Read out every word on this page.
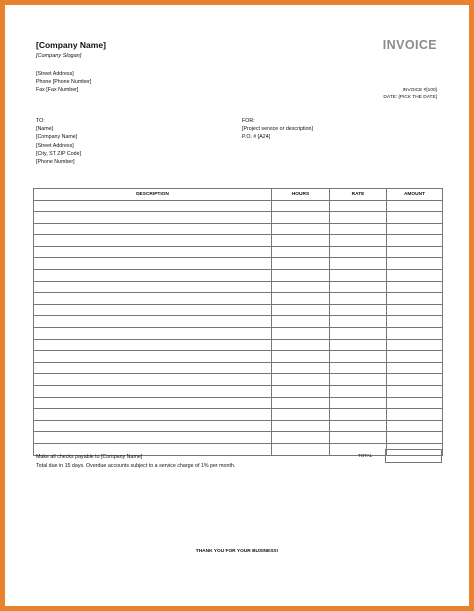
[Company Name]
[Company Slogan]
[Street Address]
Phone [Phone Number]
Fax [Fax Number]
INVOICE
INVOICE #[100]
DATE: [PICK THE DATE]
TO:
[Name]
[Company Name]
[Street Address]
[City, ST ZIP Code]
[Phone Number]
FOR:
[Project service or description]
P.O. # [A24]
DESCRIPTION	HOURS	RATE	AMOUNT

TOTAL
Make all checks payable to [Company Name]
Total due in 15 days. Overdue accounts subject to a service charge of 1% per month.
THANK YOU FOR YOUR BUSINESS!
